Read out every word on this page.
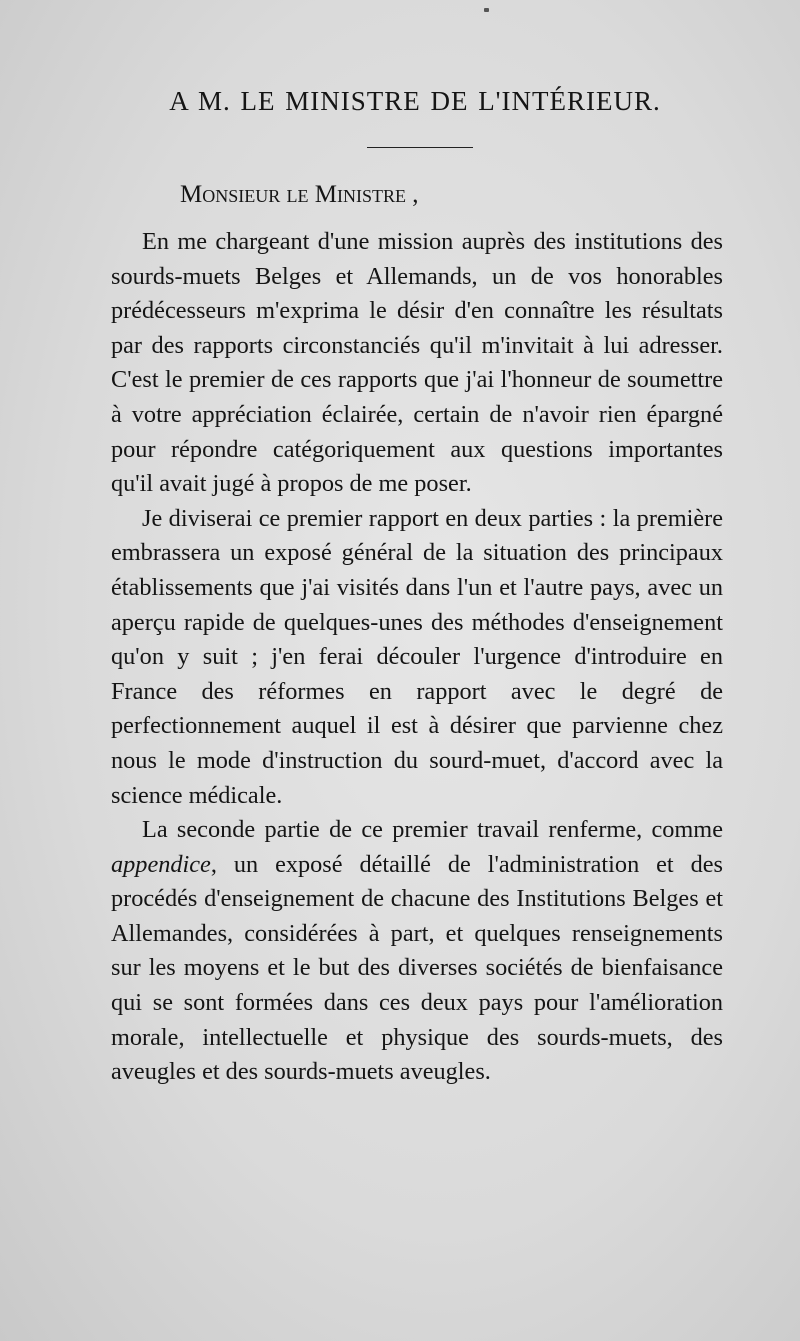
A M. LE MINISTRE DE L'INTÉRIEUR.
Monsieur le Ministre ,

En me chargeant d'une mission auprès des institutions des sourds-muets Belges et Allemands, un de vos honorables prédécesseurs m'exprima le désir d'en connaître les résultats par des rapports circonstanciés qu'il m'invitait à lui adresser. C'est le premier de ces rapports que j'ai l'honneur de soumettre à votre appréciation éclairée, certain de n'avoir rien épargné pour répondre catégoriquement aux questions importantes qu'il avait jugé à propos de me poser.

Je diviserai ce premier rapport en deux parties : la première embrassera un exposé général de la situation des principaux établissements que j'ai visités dans l'un et l'autre pays, avec un aperçu rapide de quelques-unes des méthodes d'enseignement qu'on y suit ; j'en ferai découler l'urgence d'introduire en France des réformes en rapport avec le degré de perfectionnement auquel il est à désirer que parvienne chez nous le mode d'instruction du sourd-muet, d'accord avec la science médicale.

La seconde partie de ce premier travail renferme, comme appendice, un exposé détaillé de l'administration et des procédés d'enseignement de chacune des Institutions Belges et Allemandes, considérées à part, et quelques renseignements sur les moyens et le but des diverses sociétés de bienfaisance qui se sont formées dans ces deux pays pour l'amélioration morale, intellectuelle et physique des sourds-muets, des aveugles et des sourds-muets aveugles.
